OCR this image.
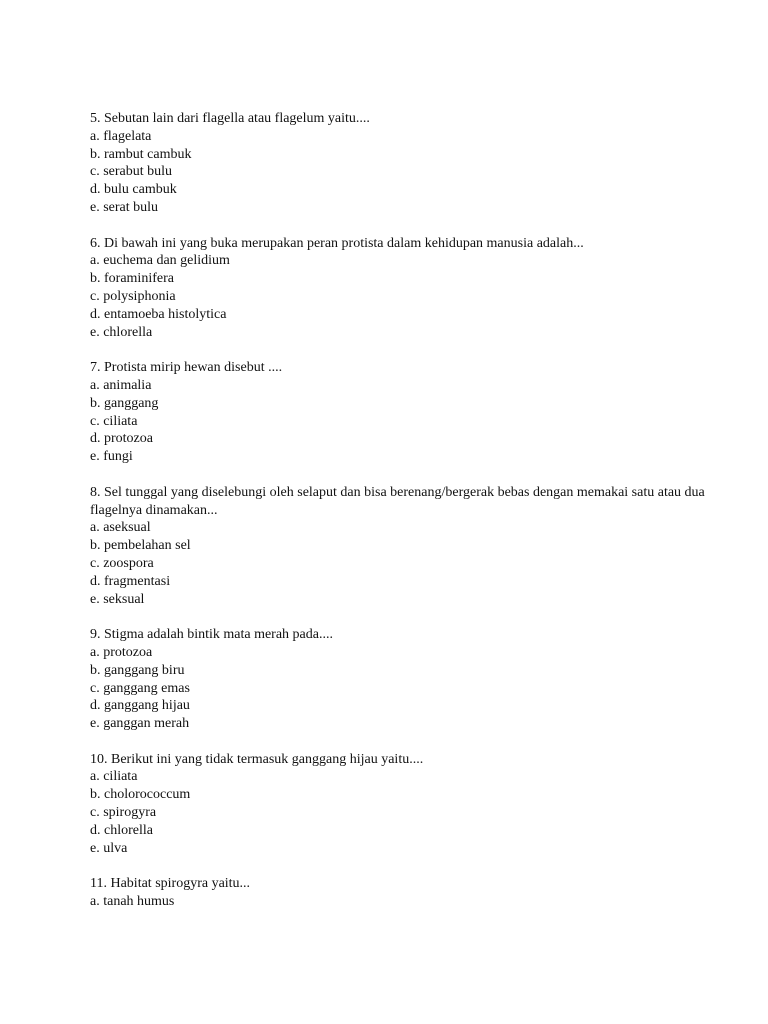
5. Sebutan lain dari flagella atau flagelum yaitu....
a. flagelata
b. rambut cambuk
c. serabut bulu
d. bulu cambuk
e. serat bulu
6. Di bawah ini yang buka merupakan peran protista dalam kehidupan manusia adalah...
a. euchema dan gelidium
b. foraminifera
c. polysiphonia
d. entamoeba histolytica
e. chlorella
7. Protista mirip hewan disebut ....
a. animalia
b. ganggang
c. ciliata
d. protozoa
e. fungi
8. Sel tunggal yang diselebungi oleh selaput dan bisa berenang/bergerak bebas dengan memakai satu atau dua flagelnya dinamakan...
a. aseksual
b. pembelahan sel
c. zoospora
d. fragmentasi
e. seksual
9. Stigma adalah bintik mata merah pada....
a. protozoa
b. ganggang biru
c. ganggang emas
d. ganggang hijau
e. ganggan merah
10. Berikut ini yang tidak termasuk ganggang hijau yaitu....
a. ciliata
b. cholorococcum
c. spirogyra
d. chlorella
e. ulva
11. Habitat spirogyra yaitu...
a. tanah humus
